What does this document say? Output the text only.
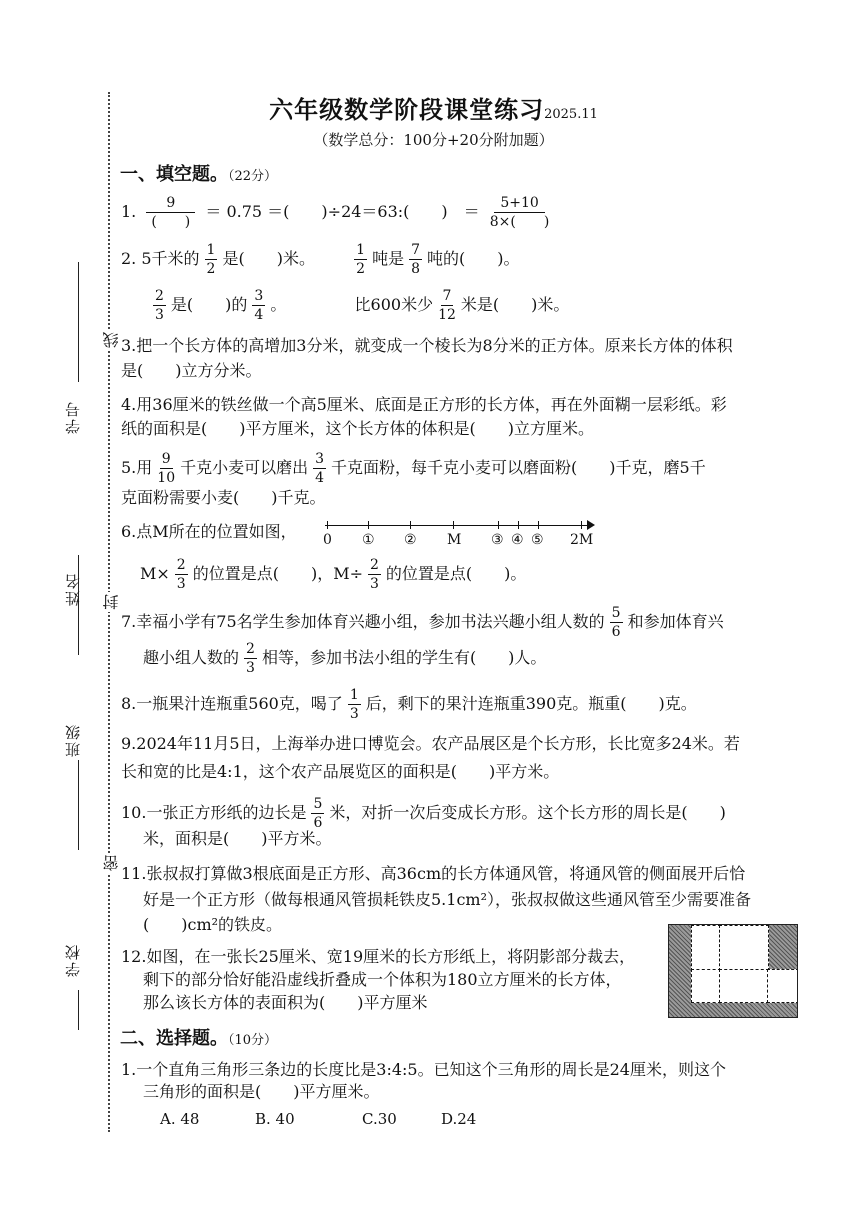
学号
姓名
班级
学校
线
封
密
六年级数学阶段课堂练习2025.11
（数学总分：100分+20分附加题）
一、填空题。（22分）
1. $\frac{9}{( )} = 0.75$ ＝(　　)÷24＝63:(　　)　＝ $\frac{5+10}{8\times( )}$
2. 5千米的 $\frac{1}{2}$ 是(　　)米。	$\frac{1}{2}$ 吨是 $\frac{7}{8}$ 吨的(　　)。
$\frac{2}{3}$ 是(　　)的 $\frac{3}{4}$ 。	比600米少 $\frac{7}{12}$ 米是(　　)米。
3.把一个长方体的高增加3分米，就变成一个棱长为8分米的正方体。原来长方体的体积
是(　　)立方分米。
4.用36厘米的铁丝做一个高5厘米、底面是正方形的长方体，再在外面糊一层彩纸。彩
纸的面积是(　　)平方厘米，这个长方体的体积是(　　)立方厘米。
5.用 $\frac{9}{10}$ 千克小麦可以磨出 $\frac{3}{4}$ 千克面粉，每千克小麦可以磨面粉(　　)千克，磨5千
克面粉需要小麦(　　)千克。
6.点M所在的位置如图， 0 ① ② M ③ ④ ⑤ 2M
$M\times \frac{2}{3}$ 的位置是点(　　)，$M\div \frac{2}{3}$ 的位置是点(　　)。
7.幸福小学有75名学生参加体育兴趣小组，参加书法兴趣小组人数的 $\frac{5}{6}$ 和参加体育兴
趣小组人数的 $\frac{2}{3}$ 相等，参加书法小组的学生有(　　)人。
8.一瓶果汁连瓶重560克，喝了 $\frac{1}{3}$ 后，剩下的果汁连瓶重390克。瓶重(　　)克。
9.2024年11月5日，上海举办进口博览会。农产品展区是个长方形，长比宽多24米。若
长和宽的比是4:1，这个农产品展览区的面积是(　　)平方米。
10.一张正方形纸的边长是 $\frac{5}{6}$ 米，对折一次后变成长方形。这个长方形的周长是(　　)
米，面积是(　　)平方米。
11.张叔叔打算做3根底面是正方形、高36cm的长方体通风管，将通风管的侧面展开后恰
好是一个正方形（做每根通风管损耗铁皮5.1cm²），张叔叔做这些通风管至少需要准备
(　　)cm²的铁皮。
12.如图，在一张长25厘米、宽19厘米的长方形纸上，将阴影部分裁去，
剩下的部分恰好能沿虚线折叠成一个体积为180立方厘米的长方体，
那么该长方体的表面积为(　　)平方厘米
二、选择题。（10分）
1.一个直角三角形三条边的长度比是3:4:5。已知这个三角形的周长是24厘米，则这个
三角形的面积是(　　)平方厘米。
A. 48	B. 40	C.30	D.24
